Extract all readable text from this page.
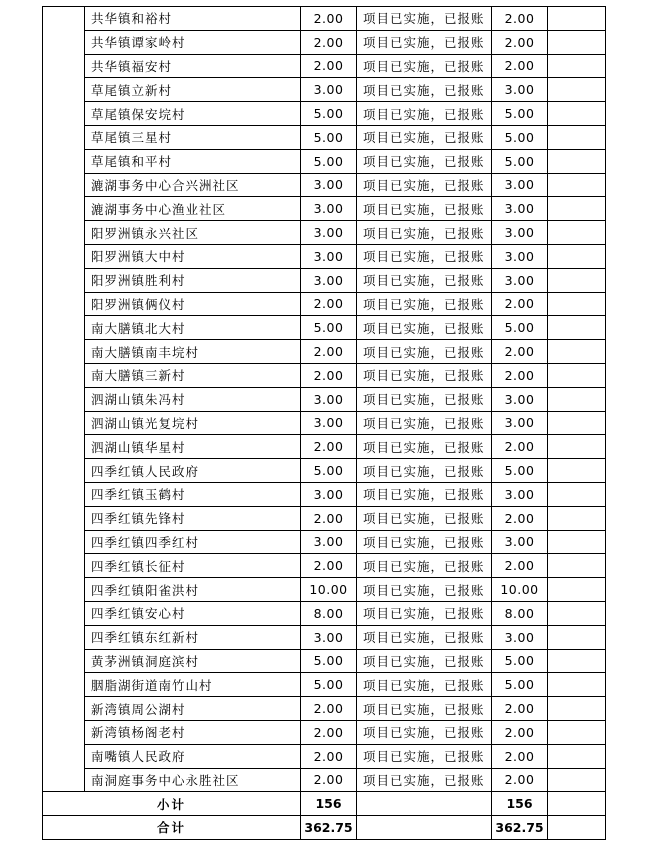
	共华镇和裕村	2.00	项目已实施，已报账	2.00	
	共华镇谭家岭村	2.00	项目已实施，已报账	2.00	
	共华镇福安村	2.00	项目已实施，已报账	2.00	
	草尾镇立新村	3.00	项目已实施，已报账	3.00	
	草尾镇保安垸村	5.00	项目已实施，已报账	5.00	
	草尾镇三星村	5.00	项目已实施，已报账	5.00	
	草尾镇和平村	5.00	项目已实施，已报账	5.00	
	漉湖事务中心合兴洲社区	3.00	项目已实施，已报账	3.00	
	漉湖事务中心渔业社区	3.00	项目已实施，已报账	3.00	
	阳罗洲镇永兴社区	3.00	项目已实施，已报账	3.00	
	阳罗洲镇大中村	3.00	项目已实施，已报账	3.00	
	阳罗洲镇胜利村	3.00	项目已实施，已报账	3.00	
	阳罗洲镇俩仪村	2.00	项目已实施，已报账	2.00	
	南大膳镇北大村	5.00	项目已实施，已报账	5.00	
	南大膳镇南丰垸村	2.00	项目已实施，已报账	2.00	
	南大膳镇三新村	2.00	项目已实施，已报账	2.00	
	泗湖山镇朱冯村	3.00	项目已实施，已报账	3.00	
	泗湖山镇光复垸村	3.00	项目已实施，已报账	3.00	
	泗湖山镇华星村	2.00	项目已实施，已报账	2.00	
	四季红镇人民政府	5.00	项目已实施，已报账	5.00	
	四季红镇玉鹤村	3.00	项目已实施，已报账	3.00	
	四季红镇先锋村	2.00	项目已实施，已报账	2.00	
	四季红镇四季红村	3.00	项目已实施，已报账	3.00	
	四季红镇长征村	2.00	项目已实施，已报账	2.00	
	四季红镇阳雀洪村	10.00	项目已实施，已报账	10.00	
	四季红镇安心村	8.00	项目已实施，已报账	8.00	
	四季红镇东红新村	3.00	项目已实施，已报账	3.00	
	黄茅洲镇洞庭滨村	5.00	项目已实施，已报账	5.00	
	胭脂湖街道南竹山村	5.00	项目已实施，已报账	5.00	
	新湾镇周公湖村	2.00	项目已实施，已报账	2.00	
	新湾镇杨阁老村	2.00	项目已实施，已报账	2.00	
	南嘴镇人民政府	2.00	项目已实施，已报账	2.00	
	南洞庭事务中心永胜社区	2.00	项目已实施，已报账	2.00	
小计		156		156	
合计		362.75		362.75	
